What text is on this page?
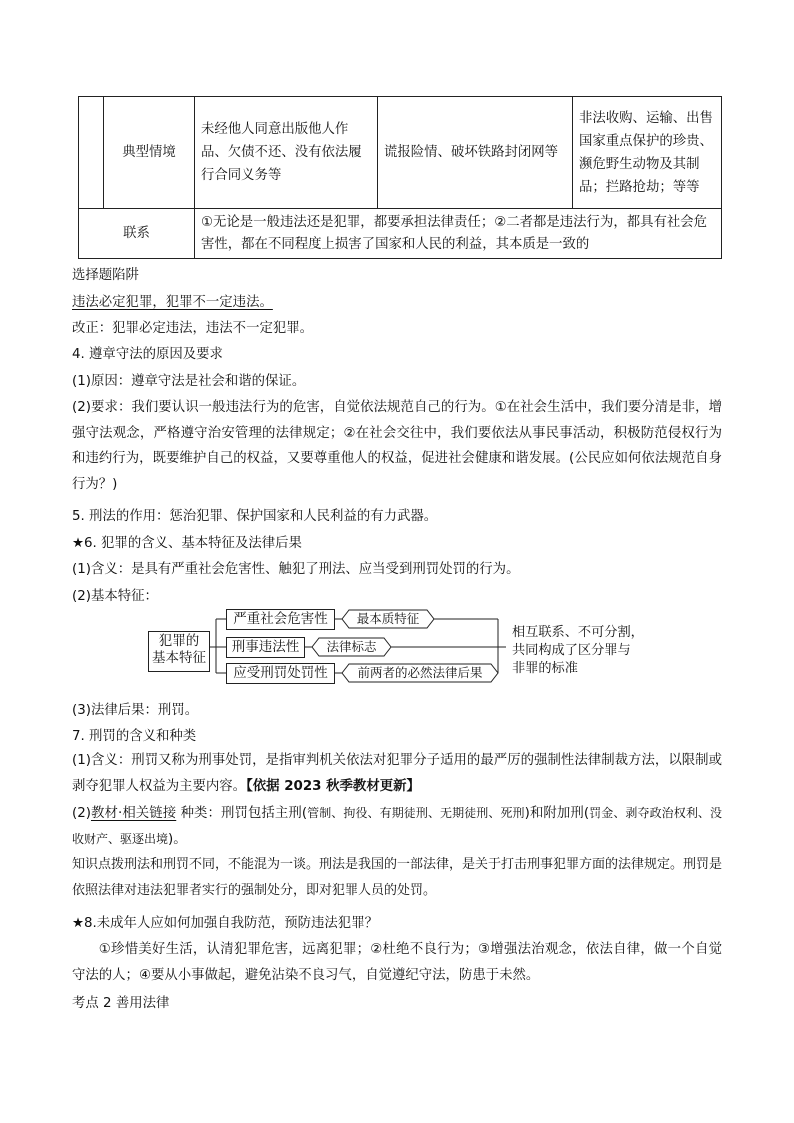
	典型情境	未经他人同意出版他人作品、欠债不还、没有依法履行合同义务等	谎报险情、破坏铁路封闭网等	非法收购、运输、出售国家重点保护的珍贵、濒危野生动物及其制品；拦路抢劫；等等
联系		①无论是一般违法还是犯罪，都要承担法律责任；②二者都是违法行为，都具有社会危害性，都在不同程度上损害了国家和人民的利益，其本质是一致的		
选择题陷阱
违法必定犯罪，犯罪不一定违法。
改正：犯罪必定违法，违法不一定犯罪。
4. 遵章守法的原因及要求
(1)原因：遵章守法是社会和谐的保证。
(2)要求：我们要认识一般违法行为的危害，自觉依法规范自己的行为。①在社会生活中，我们要分清是非，增强守法观念，严格遵守治安管理的法律规定；②在社会交往中，我们要依法从事民事活动，积极防范侵权行为和违约行为，既要维护自己的权益，又要尊重他人的权益，促进社会健康和谐发展。(公民应如何依法规范自身行为？)
5. 刑法的作用：惩治犯罪、保护国家和人民利益的有力武器。
★6. 犯罪的含义、基本特征及法律后果
(1)含义：是具有严重社会危害性、触犯了刑法、应当受到刑罚处罚的行为。
(2)基本特征：
犯罪的
基本特征
严重社会危害性
刑事违法性
应受刑罚处罚性
最本质特征
法律标志
前两者的必然法律后果
相互联系、不可分割，
共同构成了区分罪与
非罪的标准
(3)法律后果：刑罚。
7. 刑罚的含义和种类
(1)含义：刑罚又称为刑事处罚，是指审判机关依法对犯罪分子适用的最严厉的强制性法律制裁方法，以限制或剥夺犯罪人权益为主要内容。【依据 2023 秋季教材更新】
(2)教材·相关链接 种类：刑罚包括主刑(管制、拘役、有期徒刑、无期徒刑、死刑)和附加刑(罚金、剥夺政治权利、没收财产、驱逐出境)。
知识点拨刑法和刑罚不同，不能混为一谈。刑法是我国的一部法律，是关于打击刑事犯罪方面的法律规定。刑罚是依照法律对违法犯罪者实行的强制处分，即对犯罪人员的处罚。
★8.未成年人应如何加强自我防范，预防违法犯罪？
①珍惜美好生活，认清犯罪危害，远离犯罪；②杜绝不良行为；③增强法治观念，依法自律，做一个自觉守法的人；④要从小事做起，避免沾染不良习气，自觉遵纪守法，防患于未然。
考点 2 善用法律
